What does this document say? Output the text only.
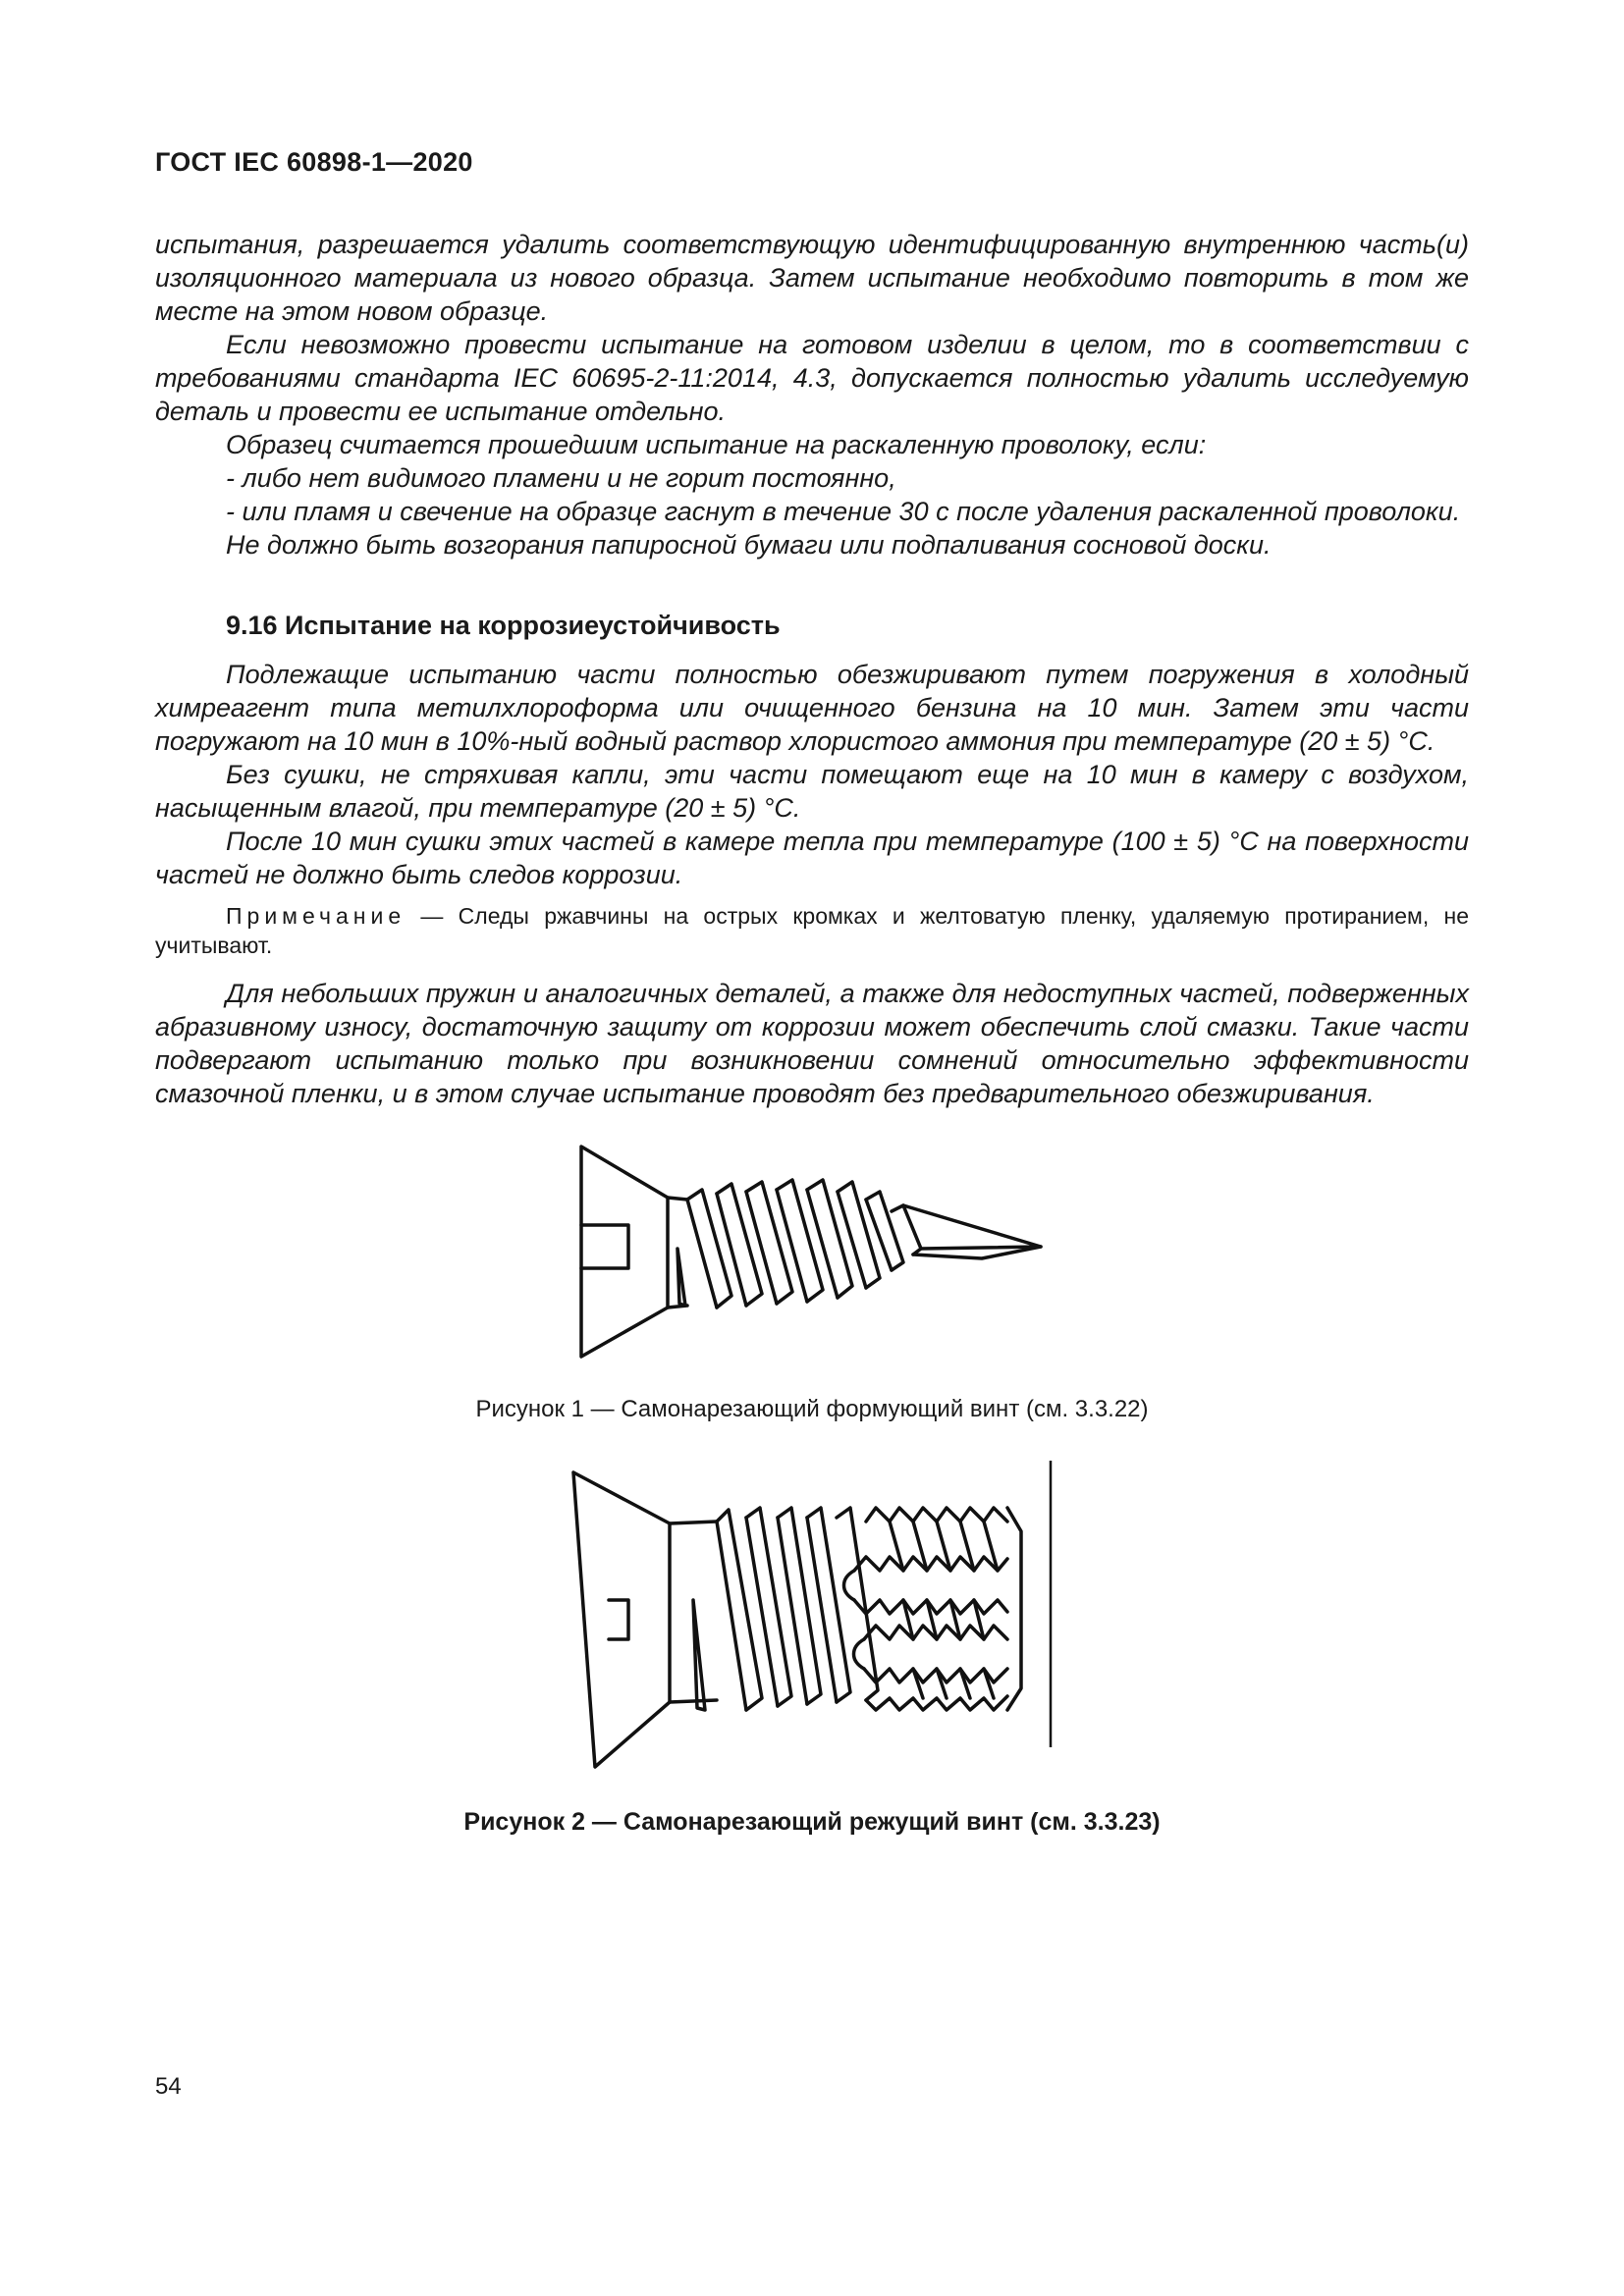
ГОСТ IEC 60898-1—2020

испытания, разрешается удалить соответствующую идентифицированную внутреннюю часть(и) изоляционного материала из нового образца. Затем испытание необходимо повторить в том же месте на этом новом образце.

Если невозможно провести испытание на готовом изделии в целом, то в соответствии с требованиями стандарта IEC 60695-2-11:2014, 4.3, допускается полностью удалить исследуемую деталь и провести ее испытание отдельно.

Образец считается прошедшим испытание на раскаленную проволоку, если:

- либо нет видимого пламени и не горит постоянно,

- или пламя и свечение на образце гаснут в течение 30 с после удаления раскаленной проволоки.

Не должно быть возгорания папиросной бумаги или подпаливания сосновой доски.

9.16 Испытание на коррозиеустойчивость

Подлежащие испытанию части полностью обезжиривают путем погружения в холодный химреагент типа метилхлороформа или очищенного бензина на 10 мин. Затем эти части погружают на 10 мин в 10%-ный водный раствор хлористого аммония при температуре (20 ± 5) °С.

Без сушки, не стряхивая капли, эти части помещают еще на 10 мин в камеру с воздухом, насыщенным влагой, при температуре (20 ± 5) °С.

После 10 мин сушки этих частей в камере тепла при температуре (100 ± 5) °С на поверхности частей не должно быть следов коррозии.

Примечание — Следы ржавчины на острых кромках и желтоватую пленку, удаляемую протиранием, не учитывают.

Для небольших пружин и аналогичных деталей, а также для недоступных частей, подверженных абразивному износу, достаточную защиту от коррозии может обеспечить слой смазки. Такие части подвергают испытанию только при возникновении сомнений относительно эффективности смазочной пленки, и в этом случае испытание проводят без предварительного обезжиривания.

Рисунок 1 — Самонарезающий формующий винт (см. 3.3.22)
Рисунок 2 — Самонарезающий режущий винт (см. 3.3.23)
54
